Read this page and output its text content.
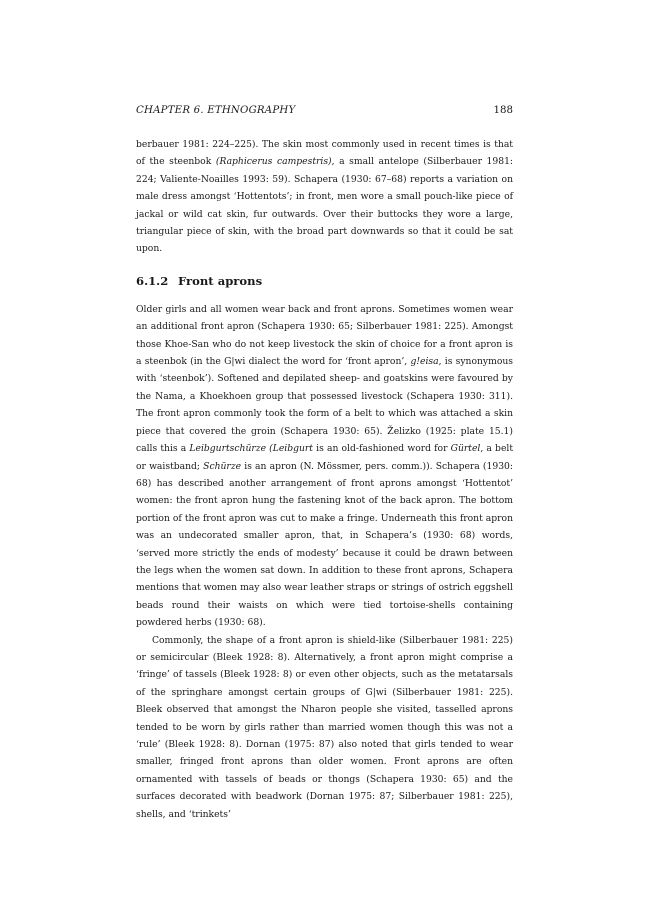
CHAPTER 6. ETHNOGRAPHY	188

berbauer 1981: 224–225). The skin most commonly used in recent times is that of the steenbok (Raphicerus campestris), a small antelope (Silberbauer 1981: 224; Valiente-Noailles 1993: 59). Schapera (1930: 67–68) reports a variation on male dress amongst ‘Hottentots’; in front, men wore a small pouch-like piece of jackal or wild cat skin, fur outwards. Over their buttocks they wore a large, triangular piece of skin, with the broad part downwards so that it could be sat upon.

6.1.2 Front aprons

Older girls and all women wear back and front aprons. Sometimes women wear an additional front apron (Schapera 1930: 65; Silberbauer 1981: 225). Amongst those Khoe-San who do not keep livestock the skin of choice for a front apron is a steenbok (in the G|wi dialect the word for ‘front apron’, g!eisa, is synonymous with ‘steenbok’). Softened and depilated sheep- and goatskins were favoured by the Nama, a Khoekhoen group that possessed livestock (Schapera 1930: 311). The front apron commonly took the form of a belt to which was attached a skin piece that covered the groin (Schapera 1930: 65). Želizko (1925: plate 15.1) calls this a Leibgurtschürze (Leibgurt is an old-fashioned word for Gürtel, a belt or waistband; Schürze is an apron (N. Mössmer, pers. comm.)). Schapera (1930: 68) has described another arrangement of front aprons amongst ‘Hottentot’ women: the front apron hung the fastening knot of the back apron. The bottom portion of the front apron was cut to make a fringe. Underneath this front apron was an undecorated smaller apron, that, in Schapera’s (1930: 68) words, ‘served more strictly the ends of modesty’ because it could be drawn between the legs when the women sat down. In addition to these front aprons, Schapera mentions that women may also wear leather straps or strings of ostrich eggshell beads round their waists on which were tied tortoise-shells containing powdered herbs (1930: 68).

Commonly, the shape of a front apron is shield-like (Silberbauer 1981: 225) or semicircular (Bleek 1928: 8). Alternatively, a front apron might comprise a ‘fringe’ of tassels (Bleek 1928: 8) or even other objects, such as the metatarsals of the springhare amongst certain groups of G|wi (Silberbauer 1981: 225). Bleek observed that amongst the Nharon people she visited, tasselled aprons tended to be worn by girls rather than married women though this was not a ‘rule’ (Bleek 1928: 8). Dornan (1975: 87) also noted that girls tended to wear smaller, fringed front aprons than older women. Front aprons are often ornamented with tassels of beads or thongs (Schapera 1930: 65) and the surfaces decorated with beadwork (Dornan 1975: 87; Silberbauer 1981: 225), shells, and ‘trinkets’
